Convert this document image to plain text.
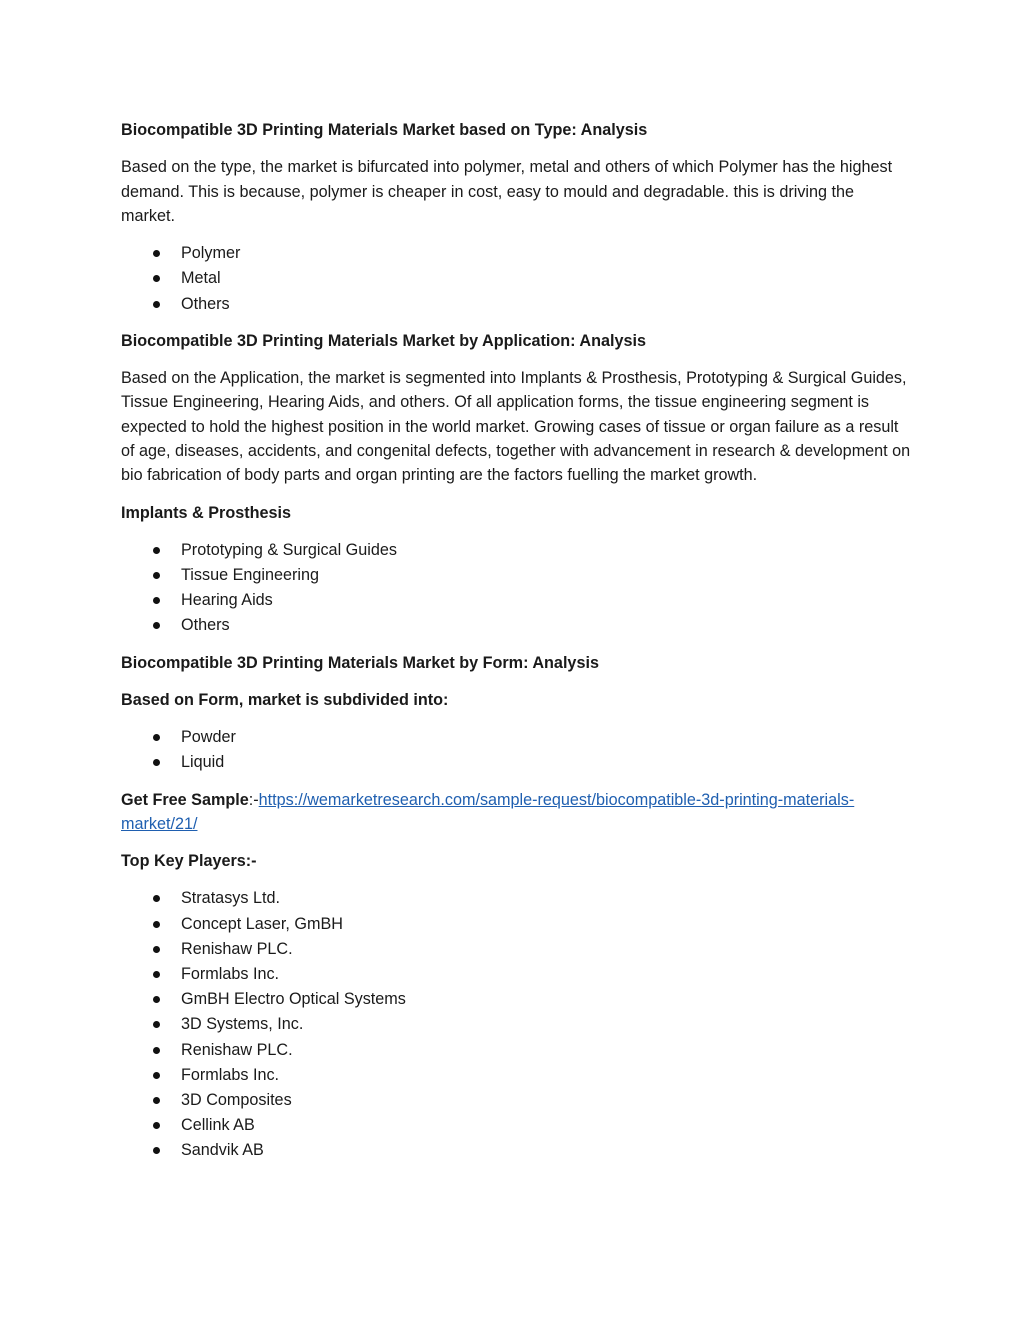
Biocompatible 3D Printing Materials Market based on Type: Analysis

Based on the type, the market is bifurcated into polymer, metal and others of which Polymer has the highest demand. This is because, polymer is cheaper in cost, easy to mould and degradable. this is driving the market.

Polymer
Metal
Others

Biocompatible 3D Printing Materials Market by Application: Analysis

Based on the Application, the market is segmented into Implants & Prosthesis, Prototyping & Surgical Guides, Tissue Engineering, Hearing Aids, and others. Of all application forms, the tissue engineering segment is expected to hold the highest position in the world market. Growing cases of tissue or organ failure as a result of age, diseases, accidents, and congenital defects, together with advancement in research & development on bio fabrication of body parts and organ printing are the factors fuelling the market growth.

Implants & Prosthesis

Prototyping & Surgical Guides
Tissue Engineering
Hearing Aids
Others

Biocompatible 3D Printing Materials Market by Form: Analysis

Based on Form, market is subdivided into:

Powder
Liquid

Get Free Sample:-https://wemarketresearch.com/sample-request/biocompatible-3d-printing-materials-market/21/

Top Key Players:-

Stratasys Ltd.
Concept Laser, GmBH
Renishaw PLC.
Formlabs Inc.
GmBH Electro Optical Systems
3D Systems, Inc.
Renishaw PLC.
Formlabs Inc.
3D Composites
Cellink AB
Sandvik AB
